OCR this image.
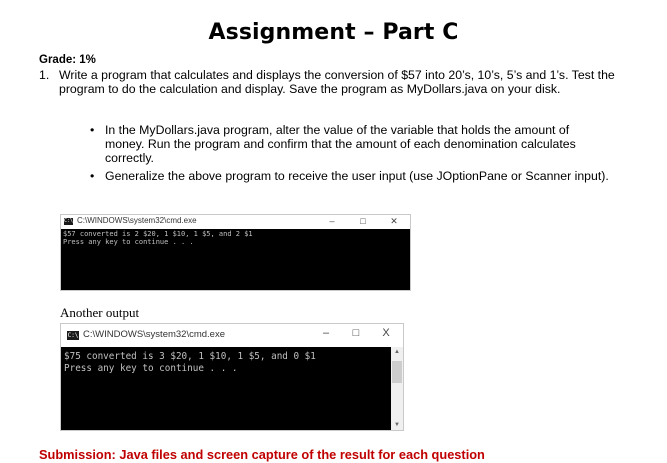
Assignment – Part C
Grade: 1%
1. Write a program that calculates and displays the conversion of $57 into 20’s, 10’s, 5’s and 1’s. Test the program to do the calculation and display. Save the program as MyDollars.java on your disk.
• In the MyDollars.java program, alter the value of the variable that holds the amount of money. Run the program and confirm that the amount of each denomination calculates correctly.
• Generalize the above program to receive the user input (use JOptionPane or Scanner input).
C:\ C:\WINDOWS\system32\cmd.exe	–	□	✕
$57 converted is 2 $20, 1 $10, 1 $5, and 2 $1
Press any key to continue . . .
Another output
C:\ C:\WINDOWS\system32\cmd.exe	–	□	X
$75 converted is 3 $20, 1 $10, 1 $5, and 0 $1
Press any key to continue . . .
▲
▼
Submission: Java files and screen capture of the result for each question
